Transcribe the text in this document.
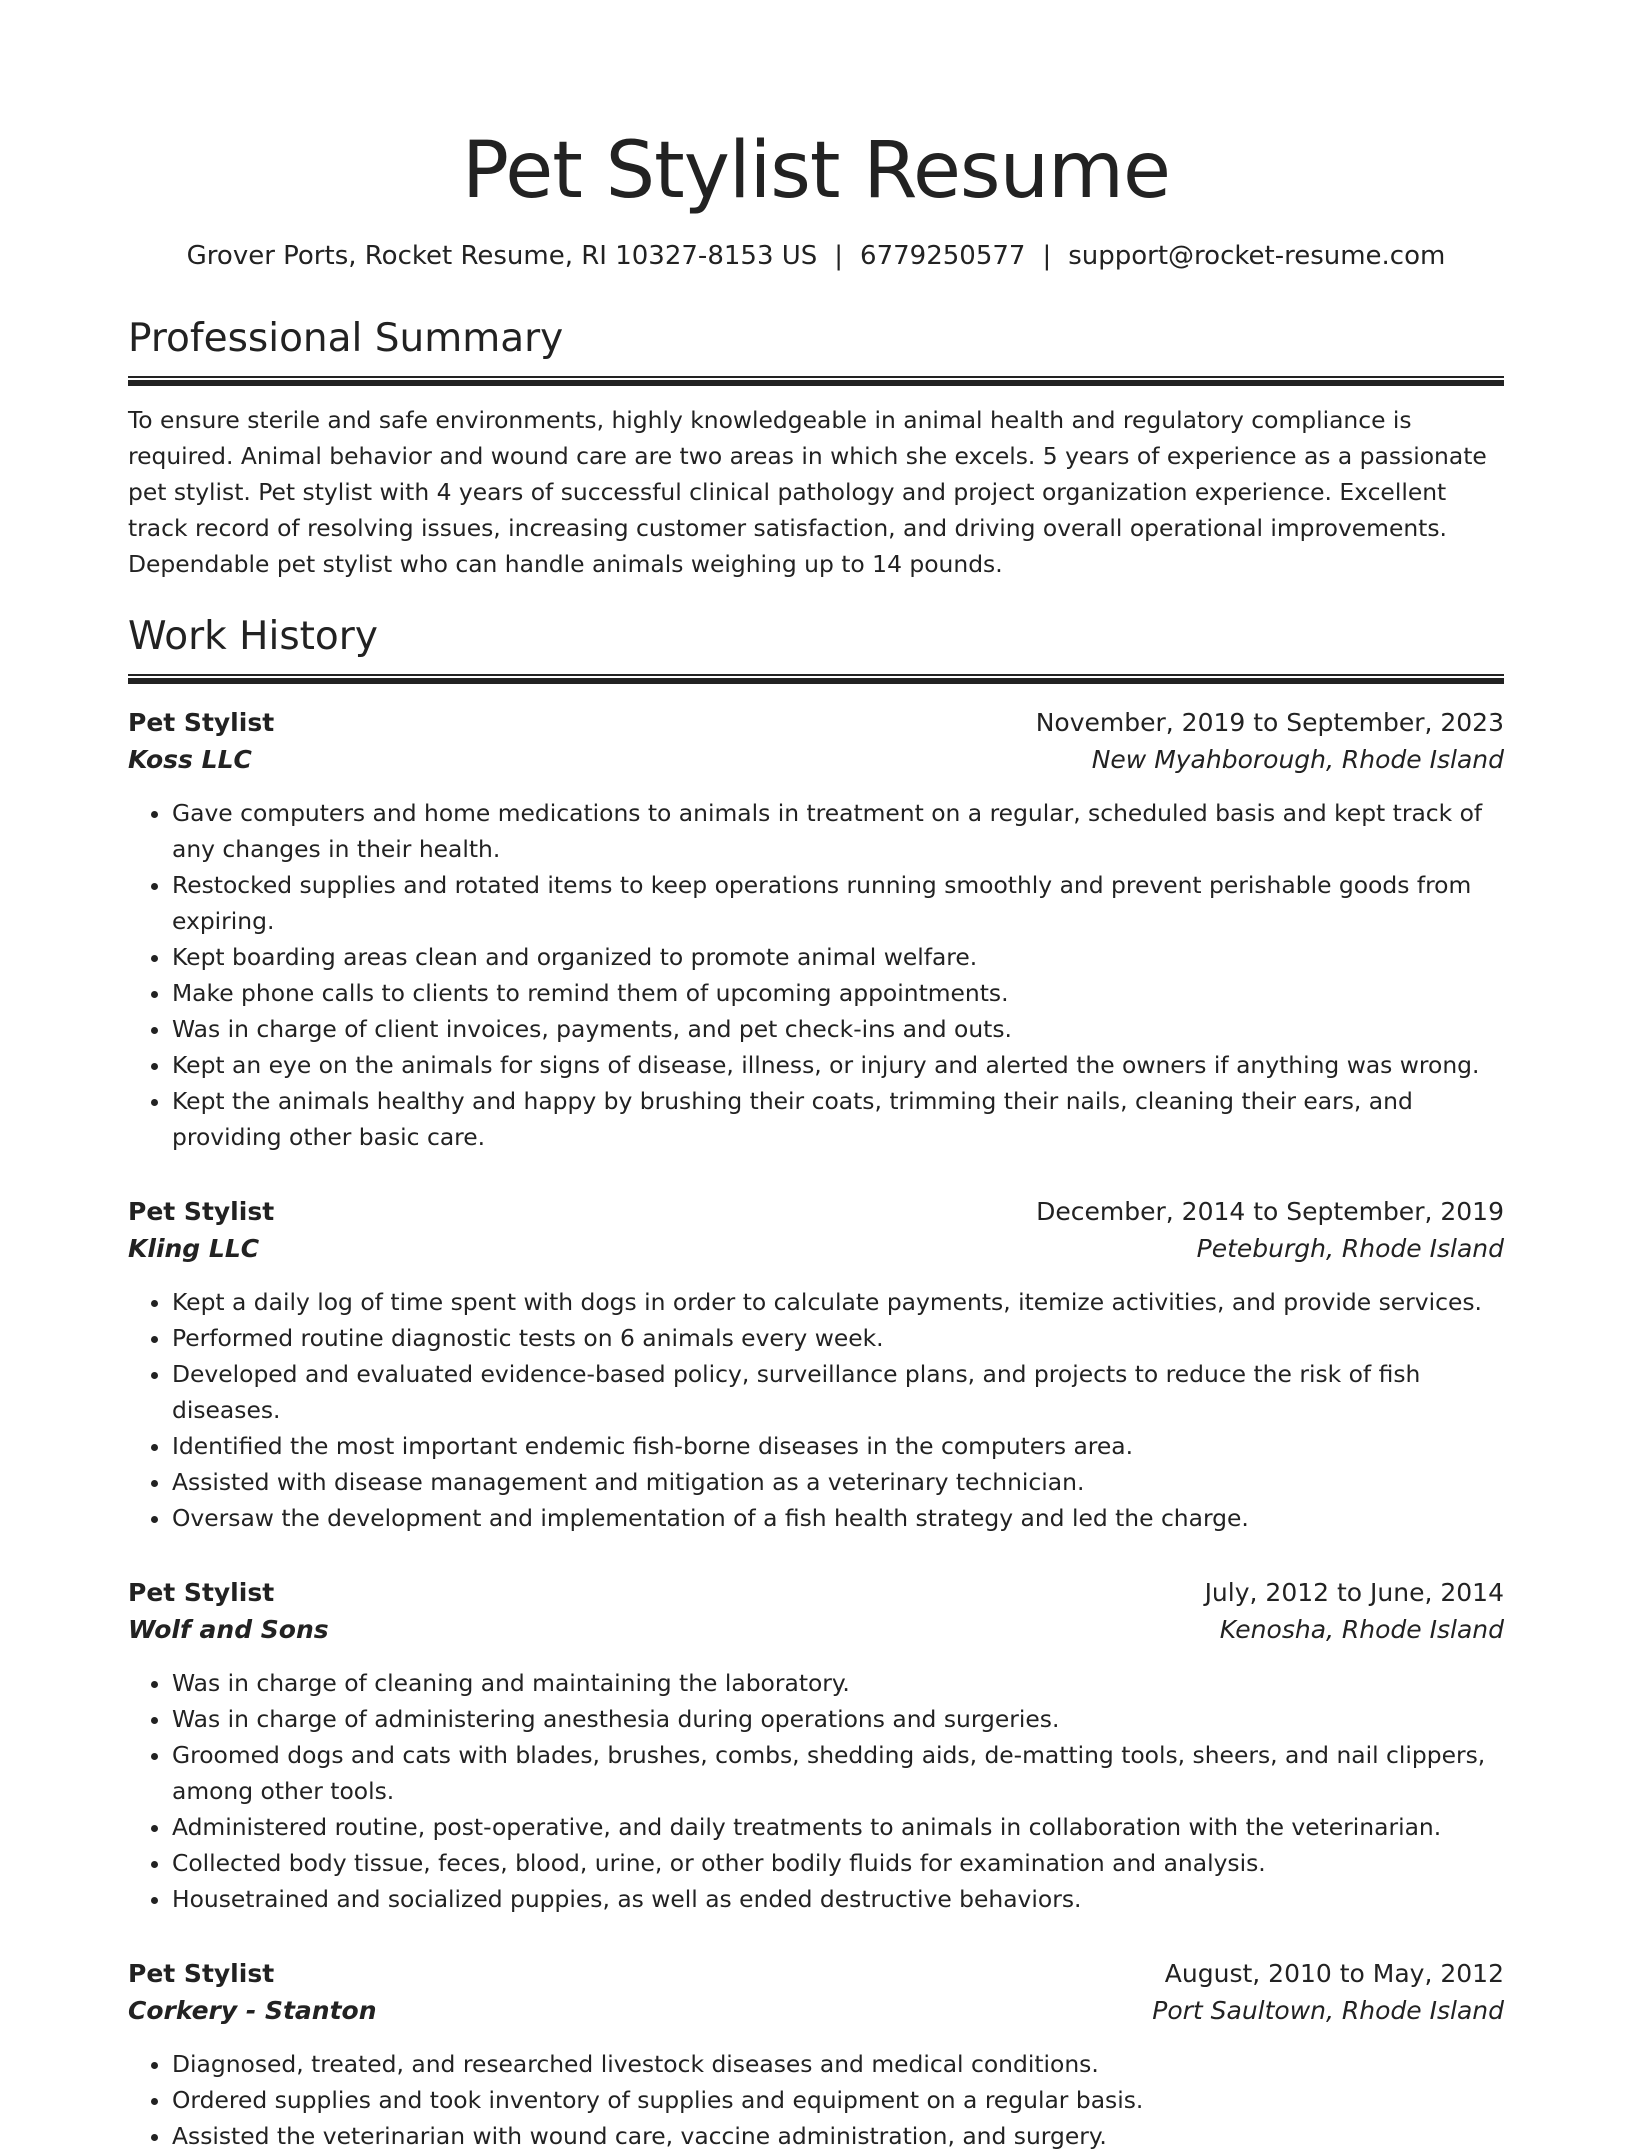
Pet Stylist Resume
Grover Ports, Rocket Resume, RI 10327-8153 US | 6779250577 | support@rocket-resume.com
Professional Summary

To ensure sterile and safe environments, highly knowledgeable in animal health and regulatory compliance is required. Animal behavior and wound care are two areas in which she excels. 5 years of experience as a passionate pet stylist. Pet stylist with 4 years of successful clinical pathology and project organization experience. Excellent track record of resolving issues, increasing customer satisfaction, and driving overall operational improvements. Dependable pet stylist who can handle animals weighing up to 14 pounds.

Work History
Pet Stylist	November, 2019 to September, 2023
Koss LLC	New Myahborough, Rhode Island
• Gave computers and home medications to animals in treatment on a regular, scheduled basis and kept track of any changes in their health.
• Restocked supplies and rotated items to keep operations running smoothly and prevent perishable goods from expiring.
• Kept boarding areas clean and organized to promote animal welfare.
• Make phone calls to clients to remind them of upcoming appointments.
• Was in charge of client invoices, payments, and pet check-ins and outs.
• Kept an eye on the animals for signs of disease, illness, or injury and alerted the owners if anything was wrong.
• Kept the animals healthy and happy by brushing their coats, trimming their nails, cleaning their ears, and providing other basic care.
Pet Stylist	December, 2014 to September, 2019
Kling LLC	Peteburgh, Rhode Island
• Kept a daily log of time spent with dogs in order to calculate payments, itemize activities, and provide services.
• Performed routine diagnostic tests on 6 animals every week.
• Developed and evaluated evidence-based policy, surveillance plans, and projects to reduce the risk of fish diseases.
• Identified the most important endemic fish-borne diseases in the computers area.
• Assisted with disease management and mitigation as a veterinary technician.
• Oversaw the development and implementation of a fish health strategy and led the charge.
Pet Stylist	July, 2012 to June, 2014
Wolf and Sons	Kenosha, Rhode Island
• Was in charge of cleaning and maintaining the laboratory.
• Was in charge of administering anesthesia during operations and surgeries.
• Groomed dogs and cats with blades, brushes, combs, shedding aids, de-matting tools, sheers, and nail clippers, among other tools.
• Administered routine, post-operative, and daily treatments to animals in collaboration with the veterinarian.
• Collected body tissue, feces, blood, urine, or other bodily fluids for examination and analysis.
• Housetrained and socialized puppies, as well as ended destructive behaviors.
Pet Stylist	August, 2010 to May, 2012
Corkery - Stanton	Port Saultown, Rhode Island
• Diagnosed, treated, and researched livestock diseases and medical conditions.
• Ordered supplies and took inventory of supplies and equipment on a regular basis.
• Assisted the veterinarian with wound care, vaccine administration, and surgery.
